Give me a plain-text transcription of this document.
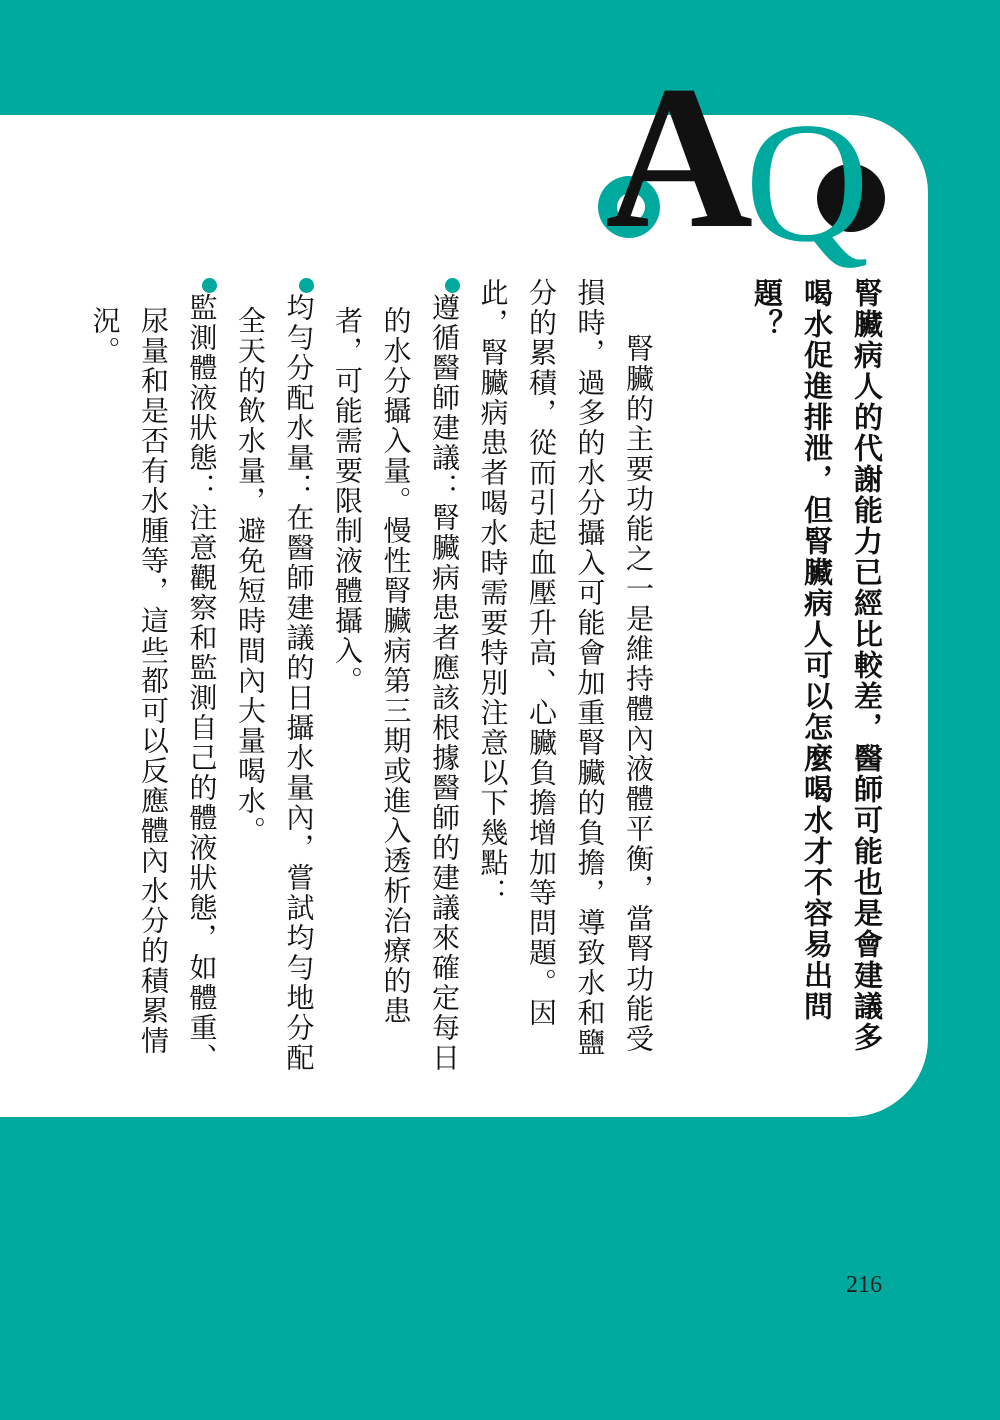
A
Q

腎臟病人的代謝能力已經比較差，醫師可能也是會建議多喝水促進排泄，但腎臟病人可以怎麼喝水才不容易出問題？

腎臟的主要功能之一是維持體內液體平衡，當腎功能受損時，過多的水分攝入可能會加重腎臟的負擔，導致水和鹽分的累積，從而引起血壓升高、心臟負擔增加等問題。因此，腎臟病患者喝水時需要特別注意以下幾點：

遵循醫師建議：腎臟病患者應該根據醫師的建議來確定每日的水分攝入量。慢性腎臟病第三期或進入透析治療的患者，可能需要限制液體攝入。

均勻分配水量：在醫師建議的日攝水量內，嘗試均勻地分配全天的飲水量，避免短時間內大量喝水。

監測體液狀態：注意觀察和監測自己的體液狀態，如體重、尿量和是否有水腫等，這些都可以反應體內水分的積累情況。

216
